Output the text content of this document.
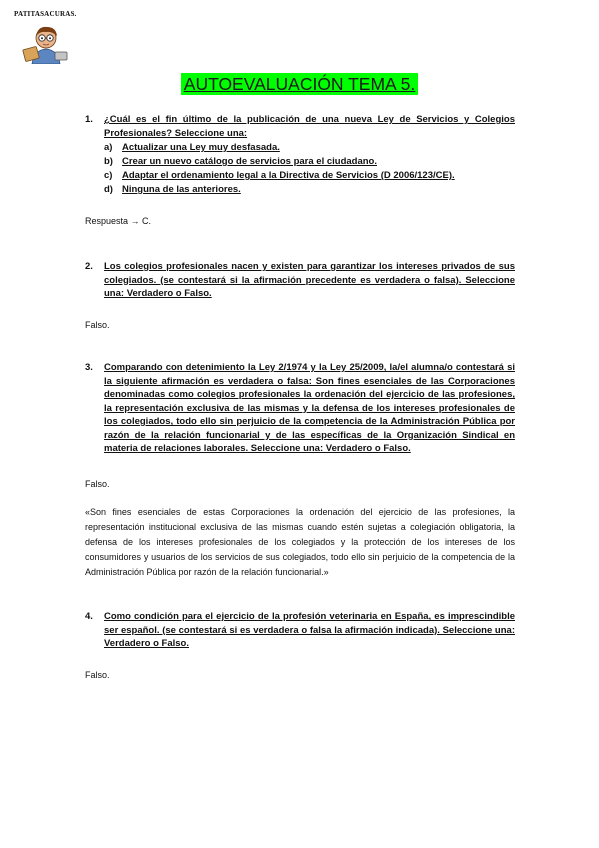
PATITASACURAS.
AUTOEVALUACIÓN TEMA 5.
1. ¿Cuál es el fin último de la publicación de una nueva Ley de Servicios y Colegios Profesionales? Seleccione una:
a) Actualizar una Ley muy desfasada.
b) Crear un nuevo catálogo de servicios para el ciudadano.
c) Adaptar el ordenamiento legal a la Directiva de Servicios (D 2006/123/CE).
d) Ninguna de las anteriores.
Respuesta → C.
2. Los colegios profesionales nacen y existen para garantizar los intereses privados de sus colegiados. (se contestará si la afirmación precedente es verdadera o falsa). Seleccione una: Verdadero o Falso.
Falso.
3. Comparando con detenimiento la Ley 2/1974 y la Ley 25/2009, la/el alumna/o contestará si la siguiente afirmación es verdadera o falsa: Son fines esenciales de las Corporaciones denominadas como colegios profesionales la ordenación del ejercicio de las profesiones, la representación exclusiva de las mismas y la defensa de los intereses profesionales de los colegiados, todo ello sin perjuicio de la competencia de la Administración Pública por razón de la relación funcionarial y de las específicas de la Organización Sindical en materia de relaciones laborales. Seleccione una: Verdadero o Falso.
Falso.
«Son fines esenciales de estas Corporaciones la ordenación del ejercicio de las profesiones, la representación institucional exclusiva de las mismas cuando estén sujetas a colegiación obligatoria, la defensa de los intereses profesionales de los colegiados y la protección de los intereses de los consumidores y usuarios de los servicios de sus colegiados, todo ello sin perjuicio de la competencia de la Administración Pública por razón de la relación funcionarial.»
4. Como condición para el ejercicio de la profesión veterinaria en España, es imprescindible ser español. (se contestará si es verdadera o falsa la afirmación indicada). Seleccione una: Verdadero o Falso.
Falso.
